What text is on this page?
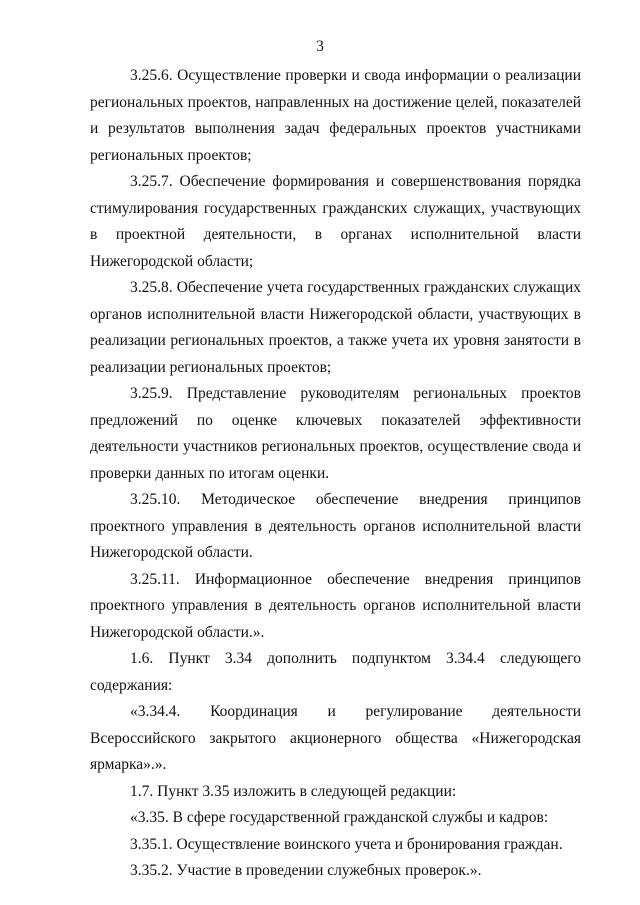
3

3.25.6. Осуществление проверки и свода информации о реализации региональных проектов, направленных на достижение целей, показателей и результатов выполнения задач федеральных проектов участниками региональных проектов;

3.25.7. Обеспечение формирования и совершенствования порядка стимулирования государственных гражданских служащих, участвующих в проектной деятельности, в органах исполнительной власти Нижегородской области;

3.25.8. Обеспечение учета государственных гражданских служащих органов исполнительной власти Нижегородской области, участвующих в реализации региональных проектов, а также учета их уровня занятости в реализации региональных проектов;

3.25.9. Представление руководителям региональных проектов предложений по оценке ключевых показателей эффективности деятельности участников региональных проектов, осуществление свода и проверки данных по итогам оценки.

3.25.10. Методическое обеспечение внедрения принципов проектного управления в деятельность органов исполнительной власти Нижегородской области.

3.25.11. Информационное обеспечение внедрения принципов проектного управления в деятельность органов исполнительной власти Нижегородской области.».

1.6. Пункт 3.34 дополнить подпунктом 3.34.4 следующего содержания:

«3.34.4. Координация и регулирование деятельности Всероссийского закрытого акционерного общества «Нижегородская ярмарка».».

1.7. Пункт 3.35 изложить в следующей редакции:

«3.35. В сфере государственной гражданской службы и кадров:

3.35.1. Осуществление воинского учета и бронирования граждан.

3.35.2. Участие в проведении служебных проверок.».
